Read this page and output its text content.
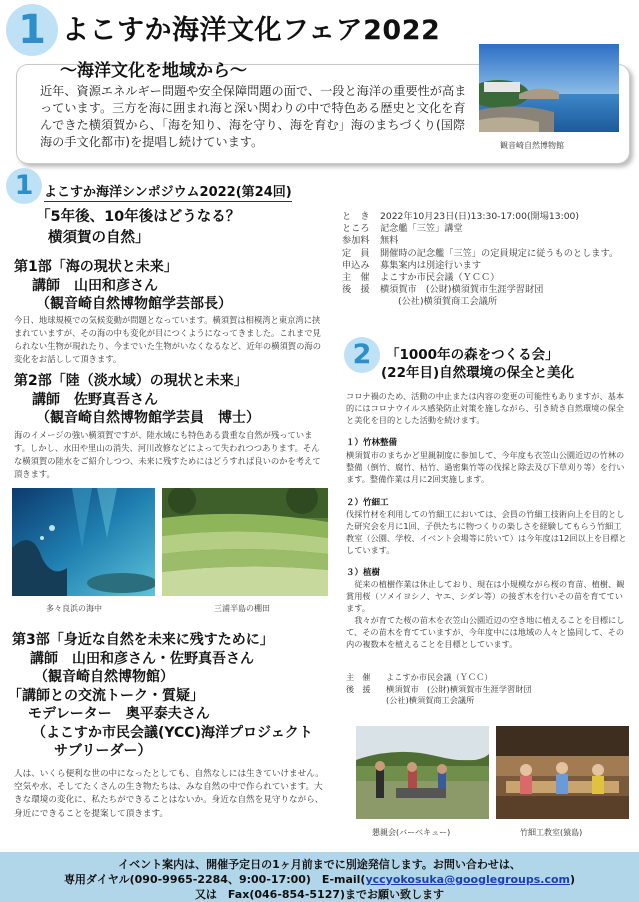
1 よこすか海洋文化フェア2022
～海洋文化を地域から～
近年、資源エネルギー問題や安全保障問題の面で、一段と海洋の重要性が高まっています。三方を海に囲まれ海と深い関わりの中で特色ある歴史と文化を育んできた横須賀から、「海を知り、海を守り、海を育む」海のまちづくり(国際海の手文化都市)を提唱し続けています。	観音崎自然博物館
1 よこすか海洋シンポジウム2022(第24回)
「5年後、10年後はどうなる？
横須賀の自然」
第1部「海の現状と未来」
講師　山田和彦さん
（観音崎自然博物館学芸部長）
今日、地球規模での気候変動が問題となっています。横須賀は相模湾と東京湾に挟まれていますが、その海の中も変化が目につくようになってきました。これまで見られない生物が現れたり、今までいた生物がいなくなるなど、近年の横須賀の海の変化をお話しして頂きます。
第2部「陸（淡水域）の現状と未来」
講師　佐野真吾さん
（観音崎自然博物館学芸員　博士）
海のイメージの強い横須賀ですが、陸水域にも特色ある貴重な自然が残っています。しかし、水田や里山の消失、河川改修などによって失われつつあります。そんな横須賀の陸水をご紹介しつつ、未来に残すためにはどうすれば良いのかを考えて頂きます。
多々良浜の海中	三浦半島の棚田
第3部「身近な自然を未来に残すために」
講師　山田和彦さん・佐野真吾さん
（観音崎自然博物館）
「講師との交流トーク・質疑」
モデレーター　奥平泰夫さん
（よこすか市民会議(YCC)海洋プロジェクト
サブリーダー）
人は、いくら便利な世の中になったとしても、自然なしには生きていけません。空気や水、そしてたくさんの生き物たちは、みな自然の中で作られています。大きな環境の変化に、私たちができることはないか。身近な自然を見守りながら、身近にできることを提案して頂きます。
と　き 2022年10月23日(日)13:30-17:00(開場13:00)
ところ 記念艦「三笠」講堂
参加料 無料
定　員 開催時の記念艦「三笠」の定員規定に従うものとします。
申込み 募集案内は別途行います
主　催 よこすか市民会議（ＹＣＣ）
後　援 横須賀市　(公財)横須賀市生涯学習財団
(公社)横須賀商工会議所
2	「1000年の森をつくる会」
(22年目)自然環境の保全と美化
コロナ禍のため、活動の中止または内容の変更の可能性もありますが、基本的にはコロナウイルス感染防止対策を施しながら、引き続き自然環境の保全と美化を目的とした活動を続けます。
１）竹林整備
横須賀市のまちかど里親制度に参加して、今年度も衣笠山公園近辺の竹林の整備（倒竹、腐竹、枯竹、過密集竹等の伐採と除去及び下草刈り等）を行います。整備作業は月に2回実施します。
２）竹細工
伐採竹材を利用しての竹細工においては、会員の竹細工技術向上を目的とした研究会を月に1回、子供たちに物つくりの楽しさを経験してもらう竹細工教室（公園、学校、イベント会場等に於いて）は今年度は12回以上を目標としています。
３）植樹
従来の植樹作業は休止しており、現在は小規模ながら桜の育苗、植樹、観賞用桜（ソメイヨシノ、ヤエ、シダレ等）の接ぎ木を行いその苗を育てています。
我々が育てた桜の苗木を衣笠山公園近辺の空き地に植えることを目標にして、その苗木を育てていますが、今年度中には地域の人々と協同して、その内の複数本を植えることを目標としています。
主　催 よこすか市民会議（ＹＣＣ）
後　援 横須賀市　(公財)横須賀市生涯学習財団
(公社)横須賀商工会議所
懇親会(バーベキュー)	竹細工教室(猿島)
イベント案内は、開催予定日の1ヶ月前までに別途発信します。お問い合わせは、
専用ダイヤル(090-9965-2284、9:00-17:00)　E-mail(yccyokosuka@googlegroups.com)
又は　Fax(046-854-5127)までお願い致します
